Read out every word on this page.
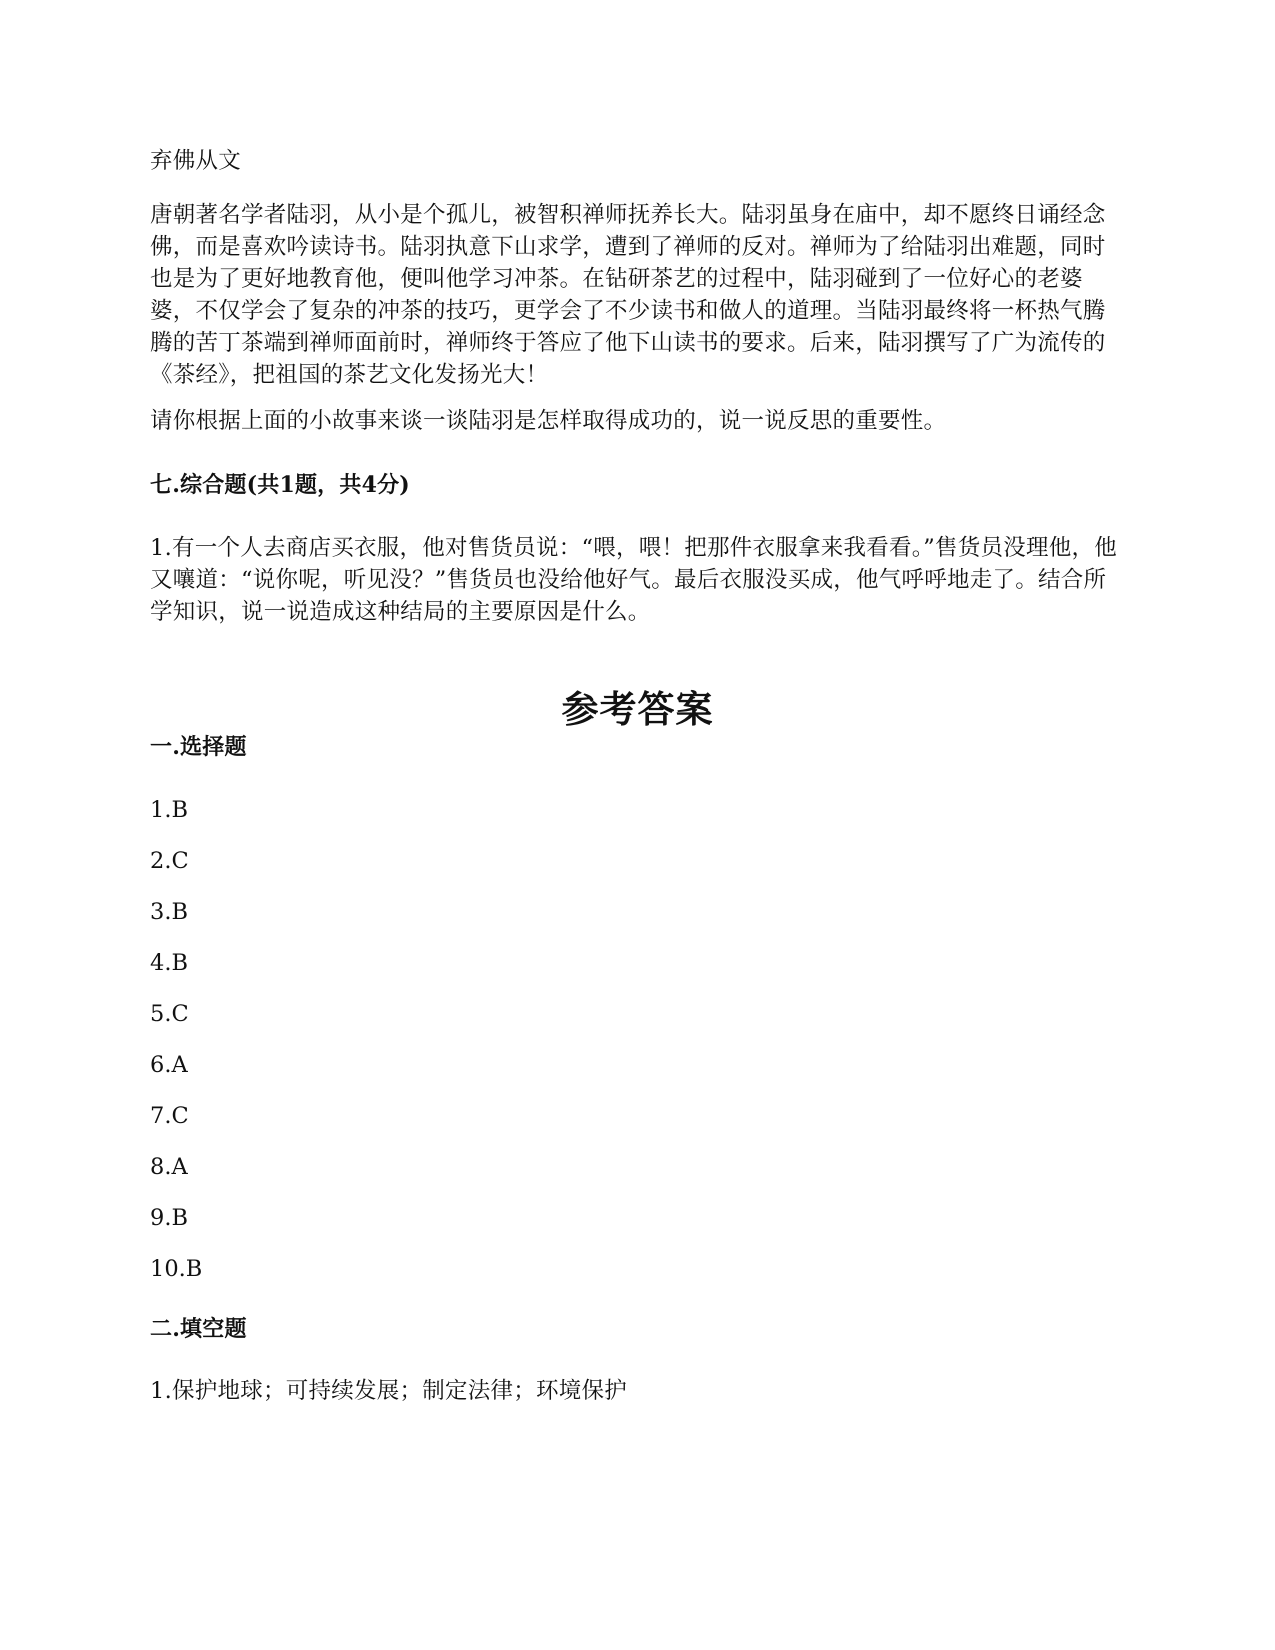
弃佛从文
唐朝著名学者陆羽，从小是个孤儿，被智积禅师抚养长大。陆羽虽身在庙中，却不愿终日诵经念佛，而是喜欢吟读诗书。陆羽执意下山求学，遭到了禅师的反对。禅师为了给陆羽出难题，同时也是为了更好地教育他，便叫他学习冲茶。在钻研茶艺的过程中，陆羽碰到了一位好心的老婆婆，不仅学会了复杂的冲茶的技巧，更学会了不少读书和做人的道理。当陆羽最终将一杯热气腾腾的苦丁茶端到禅师面前时，禅师终于答应了他下山读书的要求。后来，陆羽撰写了广为流传的《茶经》，把祖国的茶艺文化发扬光大！
请你根据上面的小故事来谈一谈陆羽是怎样取得成功的，说一说反思的重要性。
七.综合题(共1题，共4分)
1.有一个人去商店买衣服，他对售货员说：“喂，喂！把那件衣服拿来我看看。”售货员没理他，他又嚷道：“说你呢，听见没？”售货员也没给他好气。最后衣服没买成，他气呼呼地走了。结合所学知识，说一说造成这种结局的主要原因是什么。
参考答案
一.选择题
1.B
2.C
3.B
4.B
5.C
6.A
7.C
8.A
9.B
10.B
二.填空题
1.保护地球；可持续发展；制定法律；环境保护
